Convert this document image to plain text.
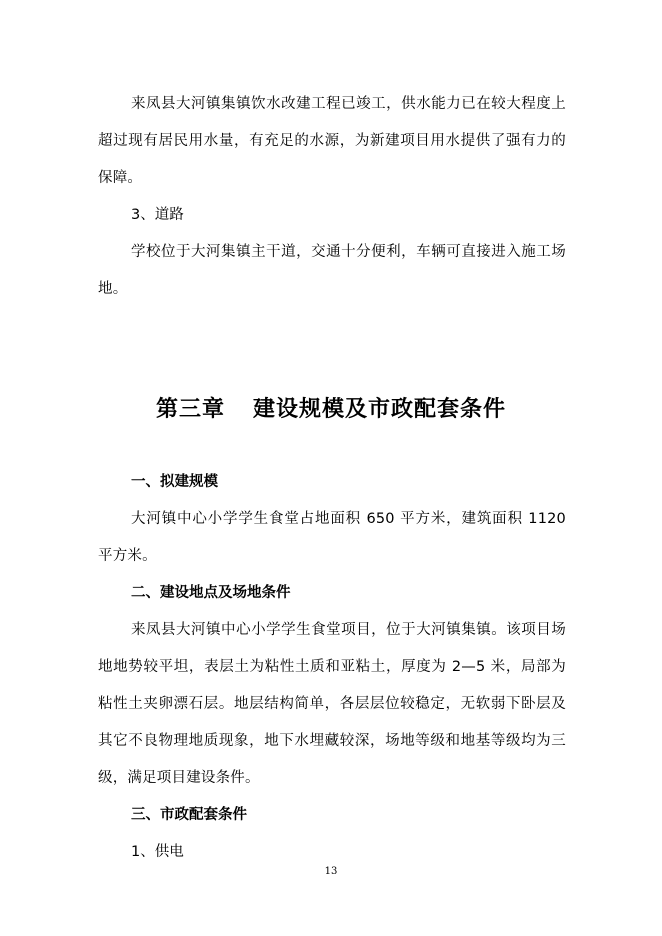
来凤县大河镇集镇饮水改建工程已竣工，供水能力已在较大程度上超过现有居民用水量，有充足的水源，为新建项目用水提供了强有力的保障。

3、道路

学校位于大河集镇主干道，交通十分便利，车辆可直接进入施工场地。

第三章 建设规模及市政配套条件

一、拟建规模

大河镇中心小学学生食堂占地面积 650 平方米，建筑面积 1120 平方米。

二、建设地点及场地条件

来凤县大河镇中心小学学生食堂项目，位于大河镇集镇。该项目场地地势较平坦，表层土为粘性土质和亚粘土，厚度为 2—5 米，局部为粘性土夹卵漂石层。地层结构简单，各层层位较稳定，无软弱下卧层及其它不良物理地质现象，地下水埋藏较深，场地等级和地基等级均为三级，满足项目建设条件。

三、市政配套条件

1、供电

13
